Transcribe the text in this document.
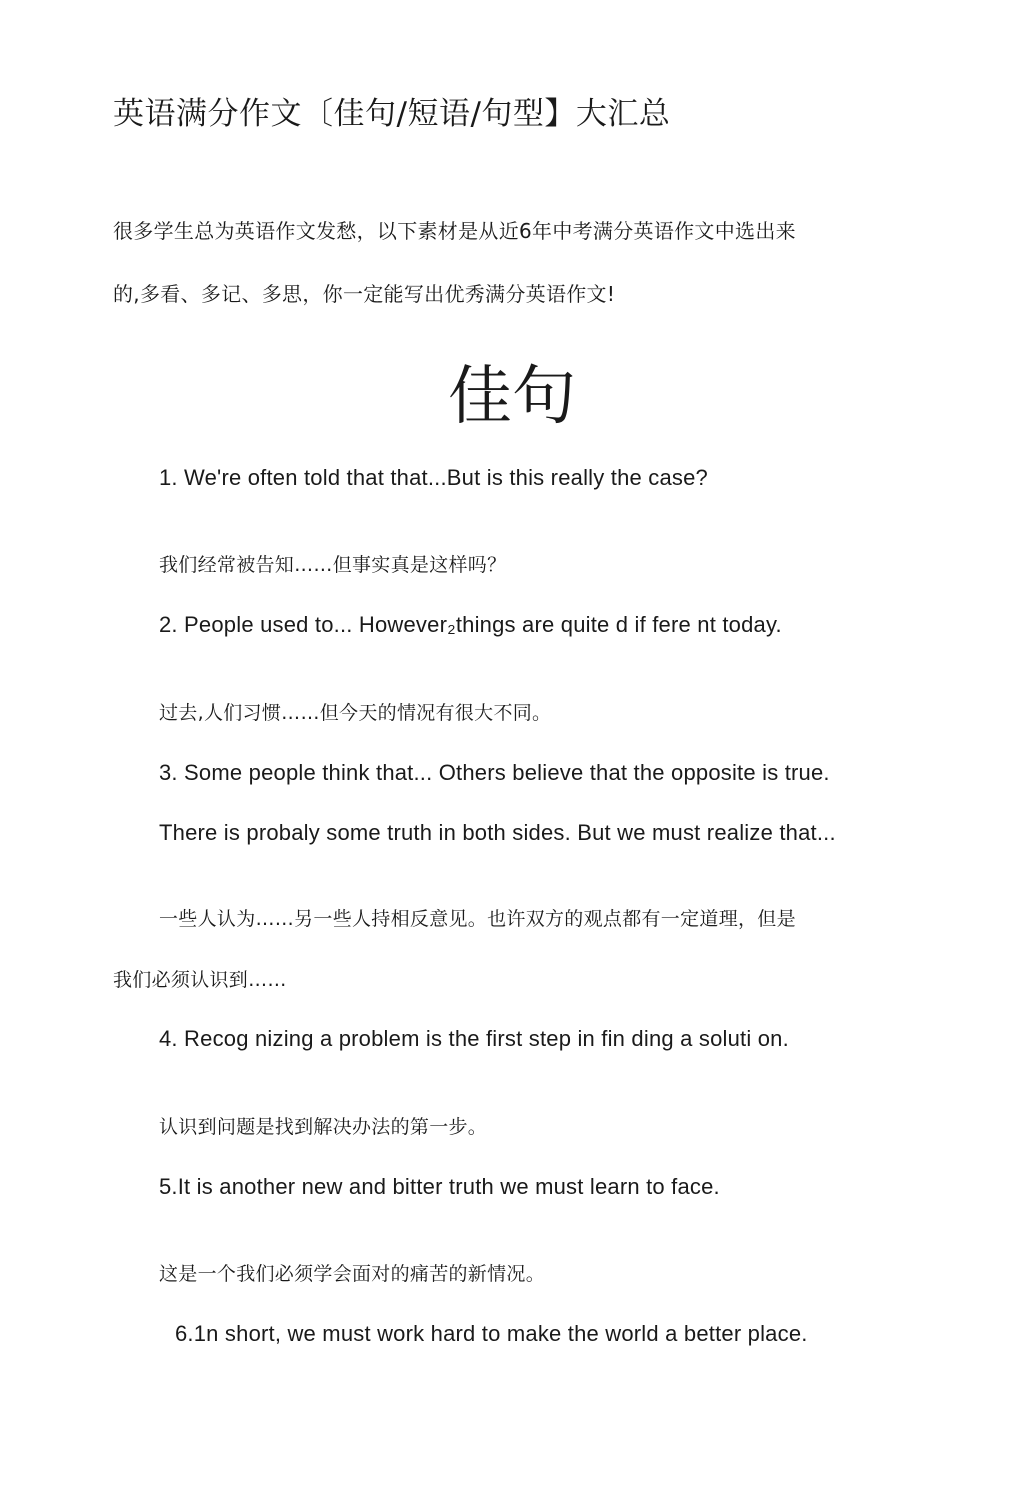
英语满分作文〔佳句/短语/句型】大汇总

很多学生总为英语作文发愁，以下素材是从近6年中考满分英语作文中选出来

的,多看、多记、多思，你一定能写出优秀满分英语作文!

佳句

1. We're often told that that...But is this really the case?

我们经常被告知……但事实真是这样吗？

2. People used to... However₂things are quite d if fere nt today.

过去,人们习惯……但今天的情况有很大不同。

3. Some people think that... Others believe that the opposite is true.

There is probaly some truth in both sides. But we must realize that...

一些人认为……另一些人持相反意见。也许双方的观点都有一定道理，但是

我们必须认识到……

4. Recog nizing a problem is the first step in fin ding a soluti on.

认识到问题是找到解决办法的第一步。

5.It is another new and bitter truth we must learn to face.

这是一个我们必须学会面对的痛苦的新情况。

6.1n short, we must work hard to make the world a better place.
